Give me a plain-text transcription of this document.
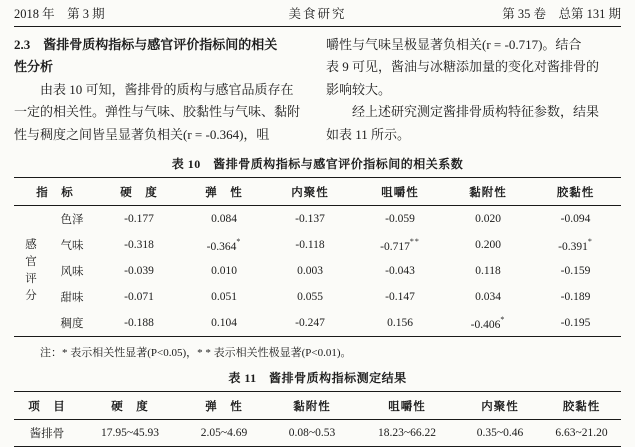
2018 年　第 3 期	美食研究	第 35 卷　总第 131 期
2.3　酱排骨质构指标与感官评价指标间的相关
性分析
　　由表 10 可知，酱排骨的质构与感官品质存在
一定的相关性。弹性与气味、胶黏性与气味、黏附
性与稠度之间皆呈显著负相关(r = -0.364)，咀
嚼性与气味呈极显著负相关(r = -0.717)。结合
表 9 可见，酱油与冰糖添加量的变化对酱排骨的
影响较大。
　　经上述研究测定酱排骨质构特征参数，结果
如表 11 所示。
表 10　酱排骨质构指标与感官评价指标间的相关系数
指　标		硬　度	弹　性	内聚性	咀嚼性	黏附性	胶黏性

感官评分	色泽	-0.177	0.084	-0.137	-0.059	0.020	-0.094
	气味	-0.318	-0.364*	-0.118	-0.717**	0.200	-0.391*
	风味	-0.039	0.010	0.003	-0.043	0.118	-0.159
	甜味	-0.071	0.051	0.055	-0.147	0.034	-0.189
	稠度	-0.188	0.104	-0.247	0.156	-0.406*	-0.195
注：* 表示相关性显著(P<0.05)，* * 表示相关性极显著(P<0.01)。
表 11　酱排骨质构指标测定结果
项　目	硬　度	弹　性	黏附性	咀嚼性	内聚性	胶黏性
酱排骨	17.95~45.93	2.05~4.69	0.08~0.53	18.23~66.22	0.35~0.46	6.63~21.20
